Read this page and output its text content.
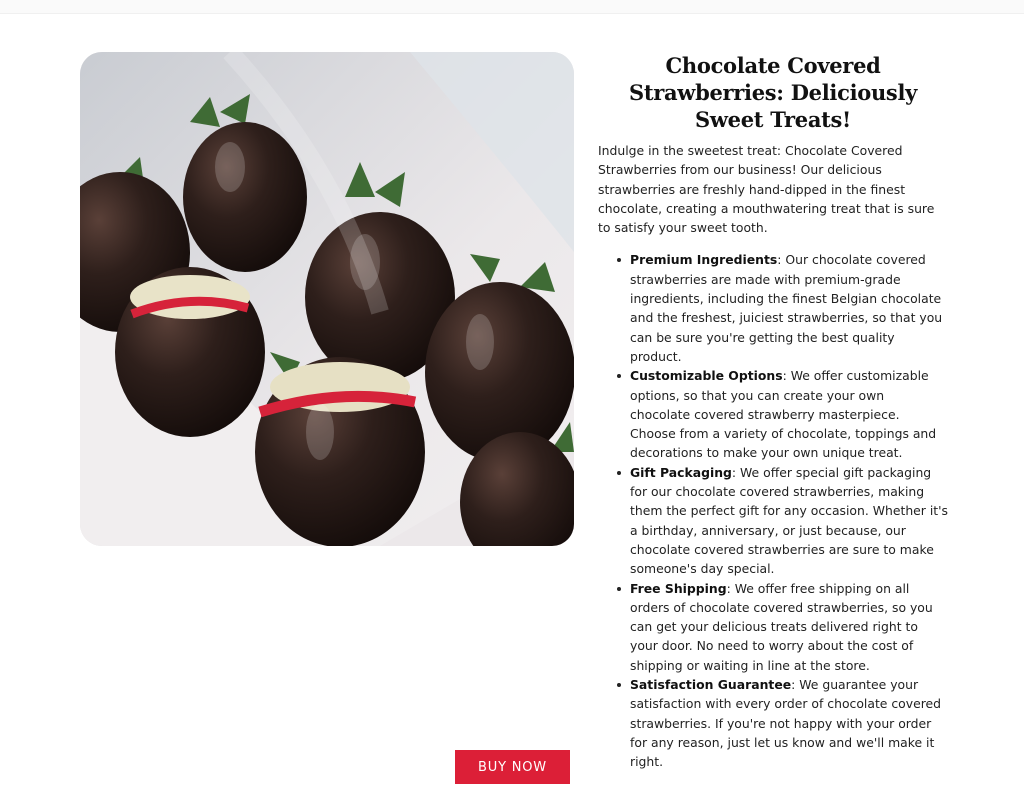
Chocolate Covered Strawberries: Deliciously Sweet Treats!

Indulge in the sweetest treat: Chocolate Covered Strawberries from our business! Our delicious strawberries are freshly hand-dipped in the finest chocolate, creating a mouthwatering treat that is sure to satisfy your sweet tooth.

Premium Ingredients: Our chocolate covered strawberries are made with premium-grade ingredients, including the finest Belgian chocolate and the freshest, juiciest strawberries, so that you can be sure you're getting the best quality product.
Customizable Options: We offer customizable options, so that you can create your own chocolate covered strawberry masterpiece. Choose from a variety of chocolate, toppings and decorations to make your own unique treat.
Gift Packaging: We offer special gift packaging for our chocolate covered strawberries, making them the perfect gift for any occasion. Whether it's a birthday, anniversary, or just because, our chocolate covered strawberries are sure to make someone's day special.
Free Shipping: We offer free shipping on all orders of chocolate covered strawberries, so you can get your delicious treats delivered right to your door. No need to worry about the cost of shipping or waiting in line at the store.
Satisfaction Guarantee: We guarantee your satisfaction with every order of chocolate covered strawberries. If you're not happy with your order for any reason, just let us know and we'll make it right.
BUY NOW
